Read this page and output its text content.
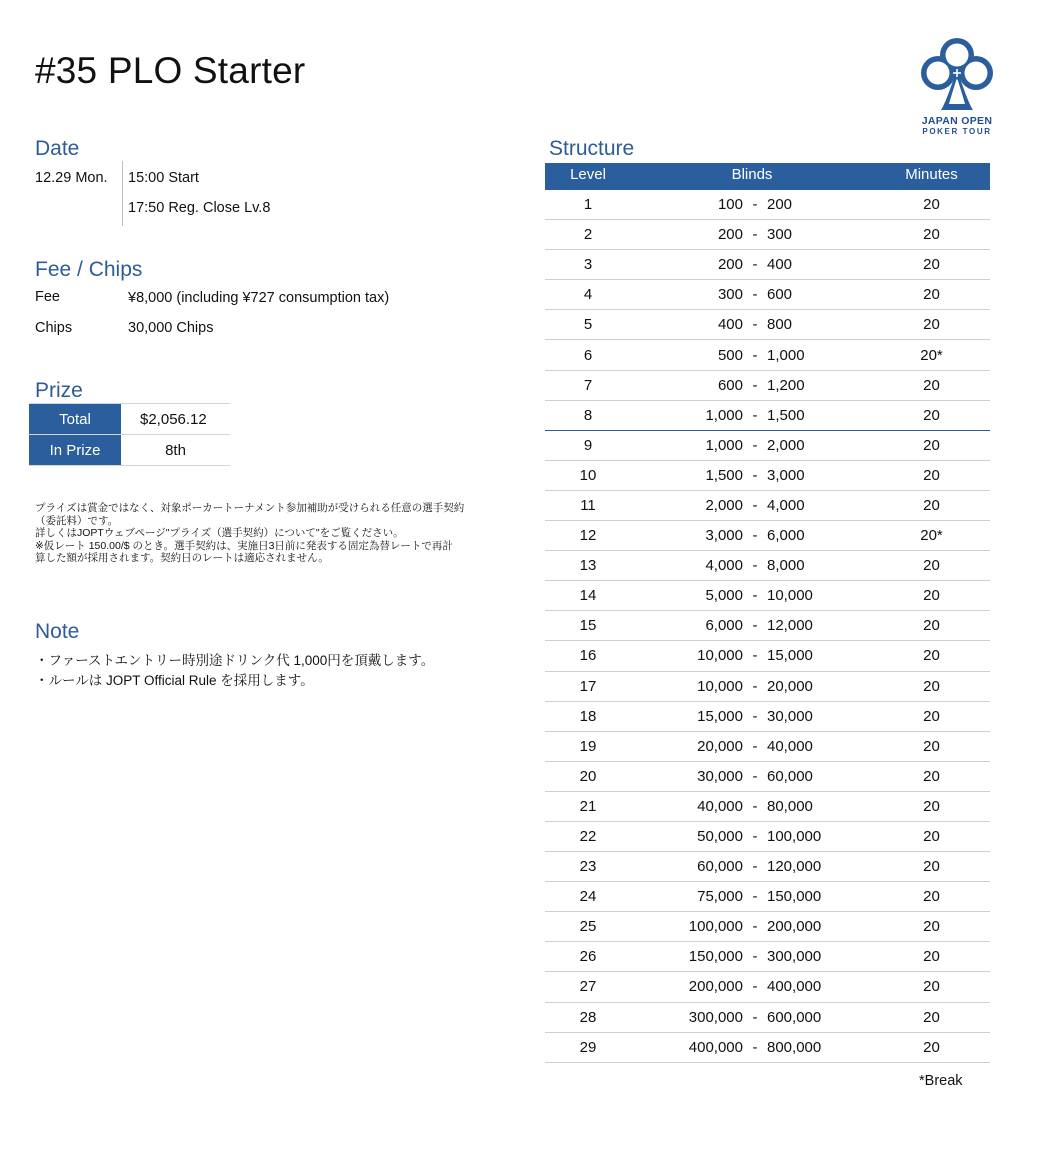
#35 PLO Starter
JAPAN OPEN
POKER TOUR
Date
12.29 Mon. 15:00 Start
17:50 Reg. Close Lv.8
Fee / Chips
Fee	¥8,000 (including ¥727 consumption tax)
Chips	30,000 Chips
Prize
Total	$2,056.12
In Prize	8th
プライズは賞金ではなく、対象ポーカートーナメント参加補助が受けられる任意の選手契約
（委託料）です。
詳しくはJOPTウェブページ"プライズ（選手契約）について"をご覧ください。
※仮レート 150.00/$ のとき。選手契約は、実施日3日前に発表する固定為替レートで再計
算した額が採用されます。契約日のレートは適応されません。
Note
・ファーストエントリー時別途ドリンク代 1,000円を頂戴します。
・ルールは JOPT Official Rule を採用します。
Structure
Level	Blinds	Minutes
1	100 - 200	20
2	200 - 300	20
3	200 - 400	20
4	300 - 600	20
5	400 - 800	20
6	500 - 1,000	20*
7	600 - 1,200	20
8	1,000 - 1,500	20
9	1,000 - 2,000	20
10	1,500 - 3,000	20
11	2,000 - 4,000	20
12	3,000 - 6,000	20*
13	4,000 - 8,000	20
14	5,000 - 10,000	20
15	6,000 - 12,000	20
16	10,000 - 15,000	20
17	10,000 - 20,000	20
18	15,000 - 30,000	20
19	20,000 - 40,000	20
20	30,000 - 60,000	20
21	40,000 - 80,000	20
22	50,000 - 100,000	20
23	60,000 - 120,000	20
24	75,000 - 150,000	20
25	100,000 - 200,000	20
26	150,000 - 300,000	20
27	200,000 - 400,000	20
28	300,000 - 600,000	20
29	400,000 - 800,000	20
*Break
